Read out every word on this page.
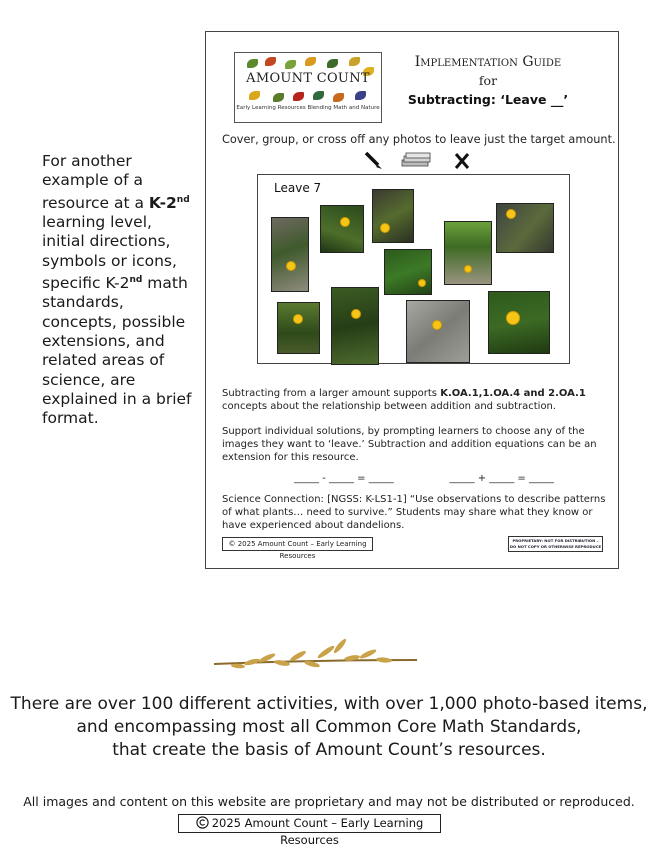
For another example of a resource at a K-2nd learning level, initial directions, symbols or icons, specific K-2nd math standards, concepts, possible extensions, and related areas of science, are explained in a brief format.
AMOUNT COUNT
Early Learning Resources Blending Math and Nature
Implementation Guide
for
Subtracting: ‘Leave __’
Cover, group, or cross off any photos to leave just the target amount.
Leave 7
Subtracting from a larger amount supports K.OA.1,1.OA.4 and 2.OA.1 concepts about the relationship between addition and subtraction.
Support individual solutions, by prompting learners to choose any of the images they want to ‘leave.’ Subtraction and addition equations can be an extension for this resource.
_____ - _____ = _____	_____ + _____ = _____
Science Connection: [NGSS: K-LS1-1] “Use observations to describe patterns of what plants… need to survive.” Students may share what they know or have experienced about dandelions.
© 2025 Amount Count – Early Learning Resources
PROPRIETARY: NOT FOR DISTRIBUTION – DO NOT COPY OR OTHERWISE REPRODUCE
There are over 100 different activities, with over 1,000 photo-based items,
and encompassing most all Common Core Math Standards,
that create the basis of Amount Count’s resources.
All images and content on this website are proprietary and may not be distributed or reproduced.
2025 Amount Count – Early Learning Resources
